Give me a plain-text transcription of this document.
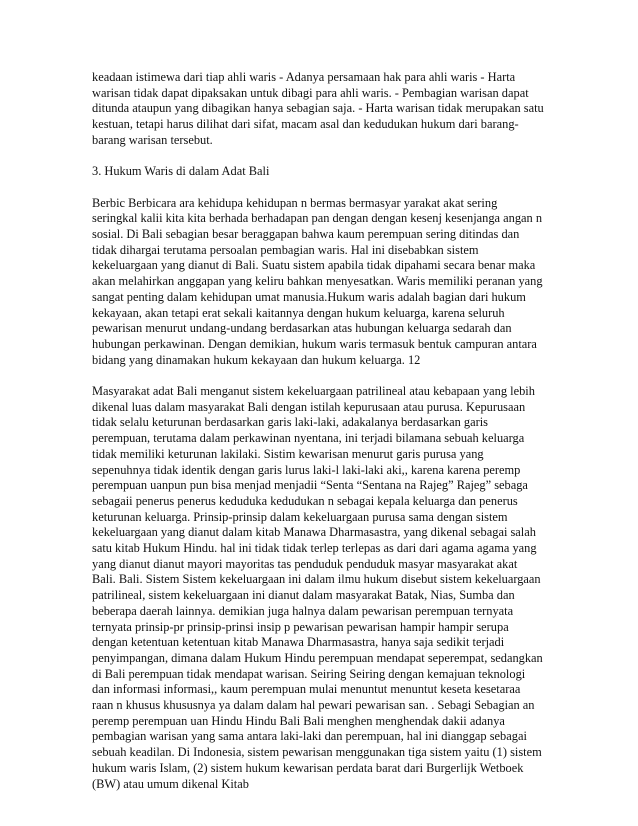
keadaan istimewa dari tiap ahli waris - Adanya persamaan hak para ahli waris - Harta warisan tidak dapat dipaksakan untuk dibagi para ahli waris. - Pembagian warisan dapat ditunda ataupun yang dibagikan hanya sebagian saja. - Harta warisan tidak merupakan satu kestuan, tetapi harus dilihat dari sifat, macam asal dan kedudukan hukum dari barang-barang warisan tersebut.

3. Hukum Waris di dalam Adat Bali

Berbic Berbicara ara kehidupa kehidupan n bermas bermasyar yarakat akat sering seringkal kalii kita kita berhada berhadapan pan dengan dengan kesenj kesenjanga angan n sosial. Di Bali sebagian besar beraggapan bahwa kaum perempuan sering ditindas dan tidak dihargai terutama persoalan pembagian waris. Hal ini disebabkan sistem kekeluargaan yang dianut di Bali. Suatu sistem apabila tidak dipahami secara benar maka akan melahirkan anggapan yang keliru bahkan menyesatkan. Waris memiliki peranan yang sangat penting dalam kehidupan umat manusia.Hukum waris adalah bagian dari hukum kekayaan, akan tetapi erat sekali kaitannya dengan hukum keluarga, karena seluruh pewarisan menurut undang-undang berdasarkan atas hubungan keluarga sedarah dan hubungan perkawinan. Dengan demikian, hukum waris termasuk bentuk campuran antara bidang yang dinamakan hukum kekayaan dan hukum keluarga. 12

Masyarakat adat Bali menganut sistem kekeluargaan patrilineal atau kebapaan yang lebih dikenal luas dalam masyarakat Bali dengan istilah kepurusaan atau purusa. Kepurusaan tidak selalu keturunan berdasarkan garis laki-laki, adakalanya berdasarkan garis perempuan, terutama dalam perkawinan nyentana, ini terjadi bilamana sebuah keluarga tidak memiliki keturunan lakilaki. Sistim kewarisan menurut garis purusa yang sepenuhnya tidak identik dengan garis lurus laki-l laki-laki aki,, karena karena peremp perempuan uanpun pun bisa menjad menjadii “Senta “Sentana na Rajeg” Rajeg” sebaga sebagaii penerus penerus keduduka kedudukan n sebagai kepala keluarga dan penerus keturunan keluarga. Prinsip-prinsip dalam kekeluargaan purusa sama dengan sistem kekeluargaan yang dianut dalam kitab Manawa Dharmasastra, yang dikenal sebagai salah satu kitab Hukum Hindu. hal ini tidak tidak terlep terlepas as dari dari agama agama yang yang dianut dianut mayori mayoritas tas penduduk penduduk masyar masyarakat akat Bali. Bali. Sistem Sistem kekeluargaan ini dalam ilmu hukum disebut sistem kekeluargaan patrilineal, sistem kekeluargaan ini dianut dalam masyarakat Batak, Nias, Sumba dan beberapa daerah lainnya. demikian juga halnya dalam pewarisan perempuan ternyata ternyata prinsip-pr prinsip-prinsi insip p pewarisan pewarisan hampir hampir serupa dengan ketentuan ketentuan kitab Manawa Dharmasastra, hanya saja sedikit terjadi penyimpangan, dimana dalam Hukum Hindu perempuan mendapat seperempat, sedangkan di Bali perempuan tidak mendapat warisan. Seiring Seiring dengan kemajuan teknologi dan informasi informasi,, kaum perempuan mulai menuntut menuntut keseta kesetaraa raan n khusus khususnya ya dalam dalam hal pewari pewarisan san. . Sebagi Sebagian an peremp perempuan uan Hindu Hindu Bali Bali menghen menghendak dakii adanya pembagian warisan yang sama antara laki-laki dan perempuan, hal ini dianggap sebagai sebuah keadilan. Di Indonesia, sistem pewarisan menggunakan tiga sistem yaitu (1) sistem hukum waris Islam, (2) sistem hukum kewarisan perdata barat dari Burgerlijk Wetboek (BW) atau umum dikenal Kitab
